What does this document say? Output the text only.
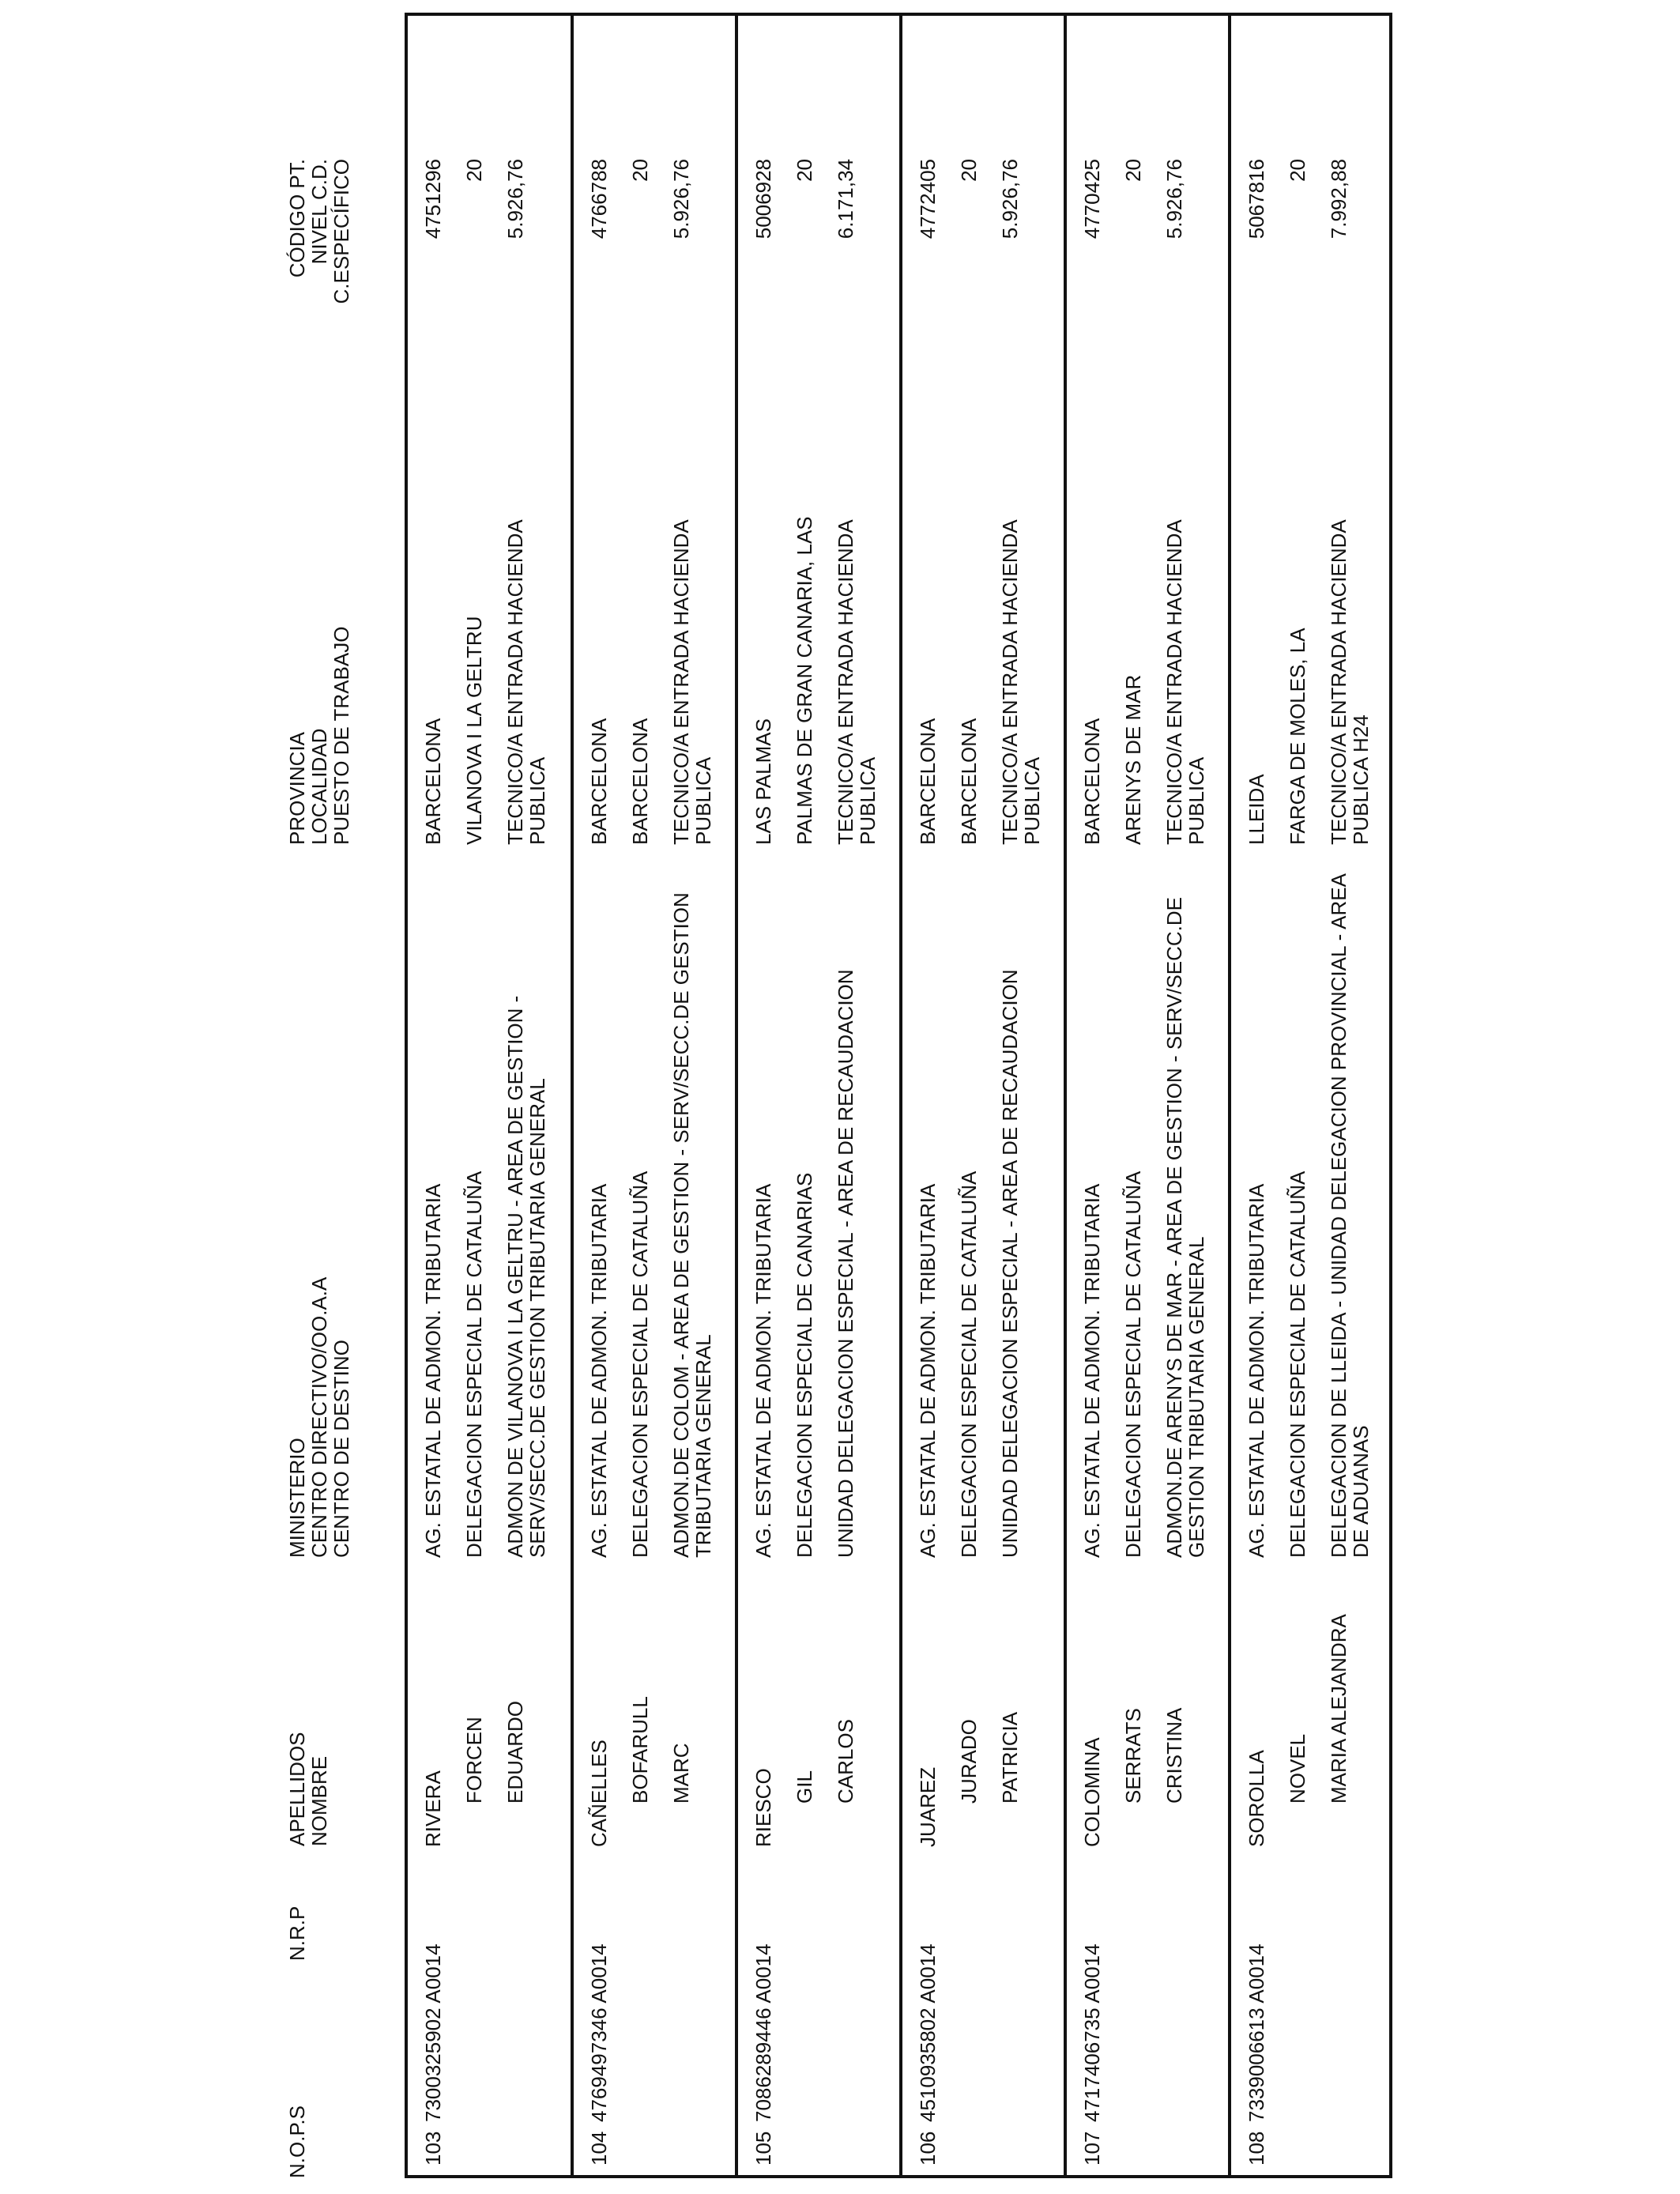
N.O.P.S
N.R.P
APELLIDOS
NOMBRE
MINISTERIO
CENTRO DIRECTIVO/OO.A.A
CENTRO DE DESTINO
PROVINCIA
LOCALIDAD
PUESTO DE TRABAJO
CÓDIGO PT.
NIVEL C.D.
C.ESPECÍFICO
103
7300325902 A0014
RIVERA
FORCEN EDUARDO
AG. ESTATAL DE ADMON. TRIBUTARIA DELEGACION ESPECIAL DE CATALUÑA ADMON DE VILANOVA I LA GELTRU - AREA DE GESTION - SERV/SECC.DE GESTION TRIBUTARIA GENERAL
BARCELONA VILANOVA I LA GELTRU TECNICO/A ENTRADA HACIENDA PUBLICA
4751296 20 5.926,76
104
4769497346 A0014
CAÑELLES BOFARULL MARC
AG. ESTATAL DE ADMON. TRIBUTARIA DELEGACION ESPECIAL DE CATALUÑA ADMON.DE COLOM - AREA DE GESTION - SERV/SECC.DE GESTION TRIBUTARIA GENERAL
BARCELONA BARCELONA TECNICO/A ENTRADA HACIENDA PUBLICA
4766788 20 5.926,76
105
7086289446 A0014
RIESCO GIL CARLOS
AG. ESTATAL DE ADMON. TRIBUTARIA DELEGACION ESPECIAL DE CANARIAS UNIDAD DELEGACION ESPECIAL - AREA DE RECAUDACION
LAS PALMAS PALMAS DE GRAN CANARIA, LAS TECNICO/A ENTRADA HACIENDA PUBLICA
5006928 20 6.171,34
106
4510935802 A0014
JUAREZ
JURADO PATRICIA
AG. ESTATAL DE ADMON. TRIBUTARIA DELEGACION ESPECIAL DE CATALUÑA UNIDAD DELEGACION ESPECIAL - AREA DE RECAUDACION
BARCELONA BARCELONA TECNICO/A ENTRADA HACIENDA PUBLICA
4772405 20 5.926,76
107
4717406735 A0014
COLOMINA SERRATS CRISTINA
AG. ESTATAL DE ADMON. TRIBUTARIA DELEGACION ESPECIAL DE CATALUÑA ADMON.DE ARENYS DE MAR - AREA DE GESTION - SERV/SECC.DE GESTION TRIBUTARIA GENERAL
BARCELONA ARENYS DE MAR TECNICO/A ENTRADA HACIENDA PUBLICA
4770425 20 5.926,76
108
7339006613 A0014
SOROLLA NOVEL MARIA ALEJANDRA
AG. ESTATAL DE ADMON. TRIBUTARIA DELEGACION ESPECIAL DE CATALUÑA DELEGACION DE LLEIDA - UNIDAD DELEGACION PROVINCIAL - AREA DE ADUANAS
LLEIDA FARGA DE MOLES, LA TECNICO/A ENTRADA HACIENDA PUBLICA H24
5067816 20 7.992,88
